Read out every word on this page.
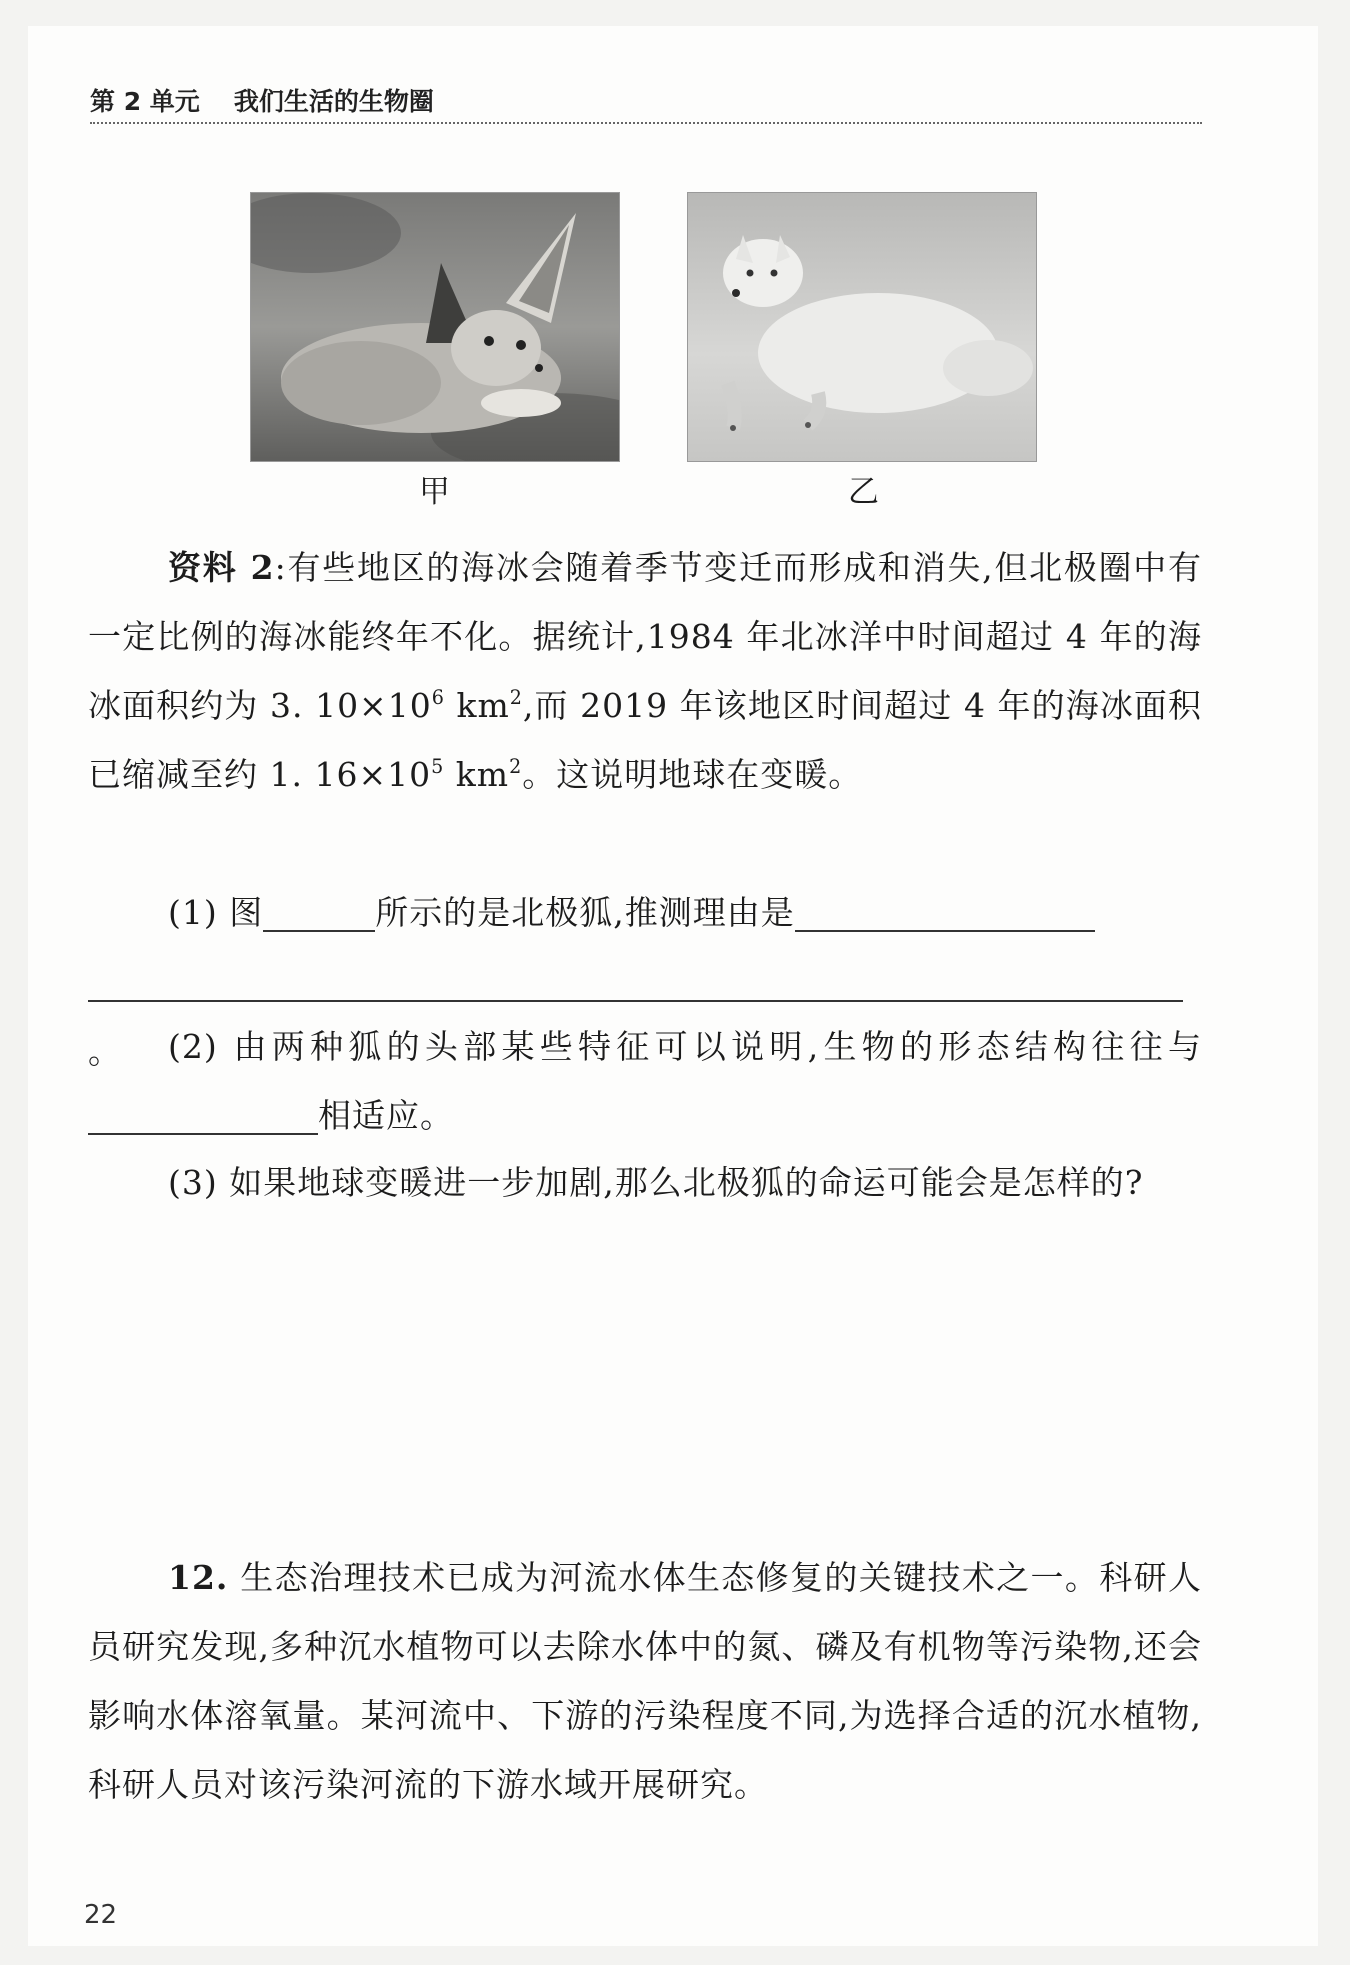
第 2 单元 我们生活的生物圈
甲	乙

资料 2:有些地区的海冰会随着季节变迁而形成和消失,但北极圈中有一定比例的海冰能终年不化。据统计,1984 年北冰洋中时间超过 4 年的海冰面积约为 3. $10\times 10^6$ $km^2$,而 2019 年该地区时间超过 4 年的海冰面积已缩减至约 1. $16\times 10^5$ $km^2$。这说明地球在变暖。

(1) 图	所示的是北极狐,推测理由是

。	(2) 由两种狐的头部某些特征可以说明,生物的形态结构往往与相适应。

(3) 如果地球变暖进一步加剧,那么北极狐的命运可能会是怎样的?

12. 生态治理技术已成为河流水体生态修复的关键技术之一。科研人员研究发现,多种沉水植物可以去除水体中的氮、磷及有机物等污染物,还会影响水体溶氧量。某河流中、下游的污染程度不同,为选择合适的沉水植物,科研人员对该污染河流的下游水域开展研究。

22
